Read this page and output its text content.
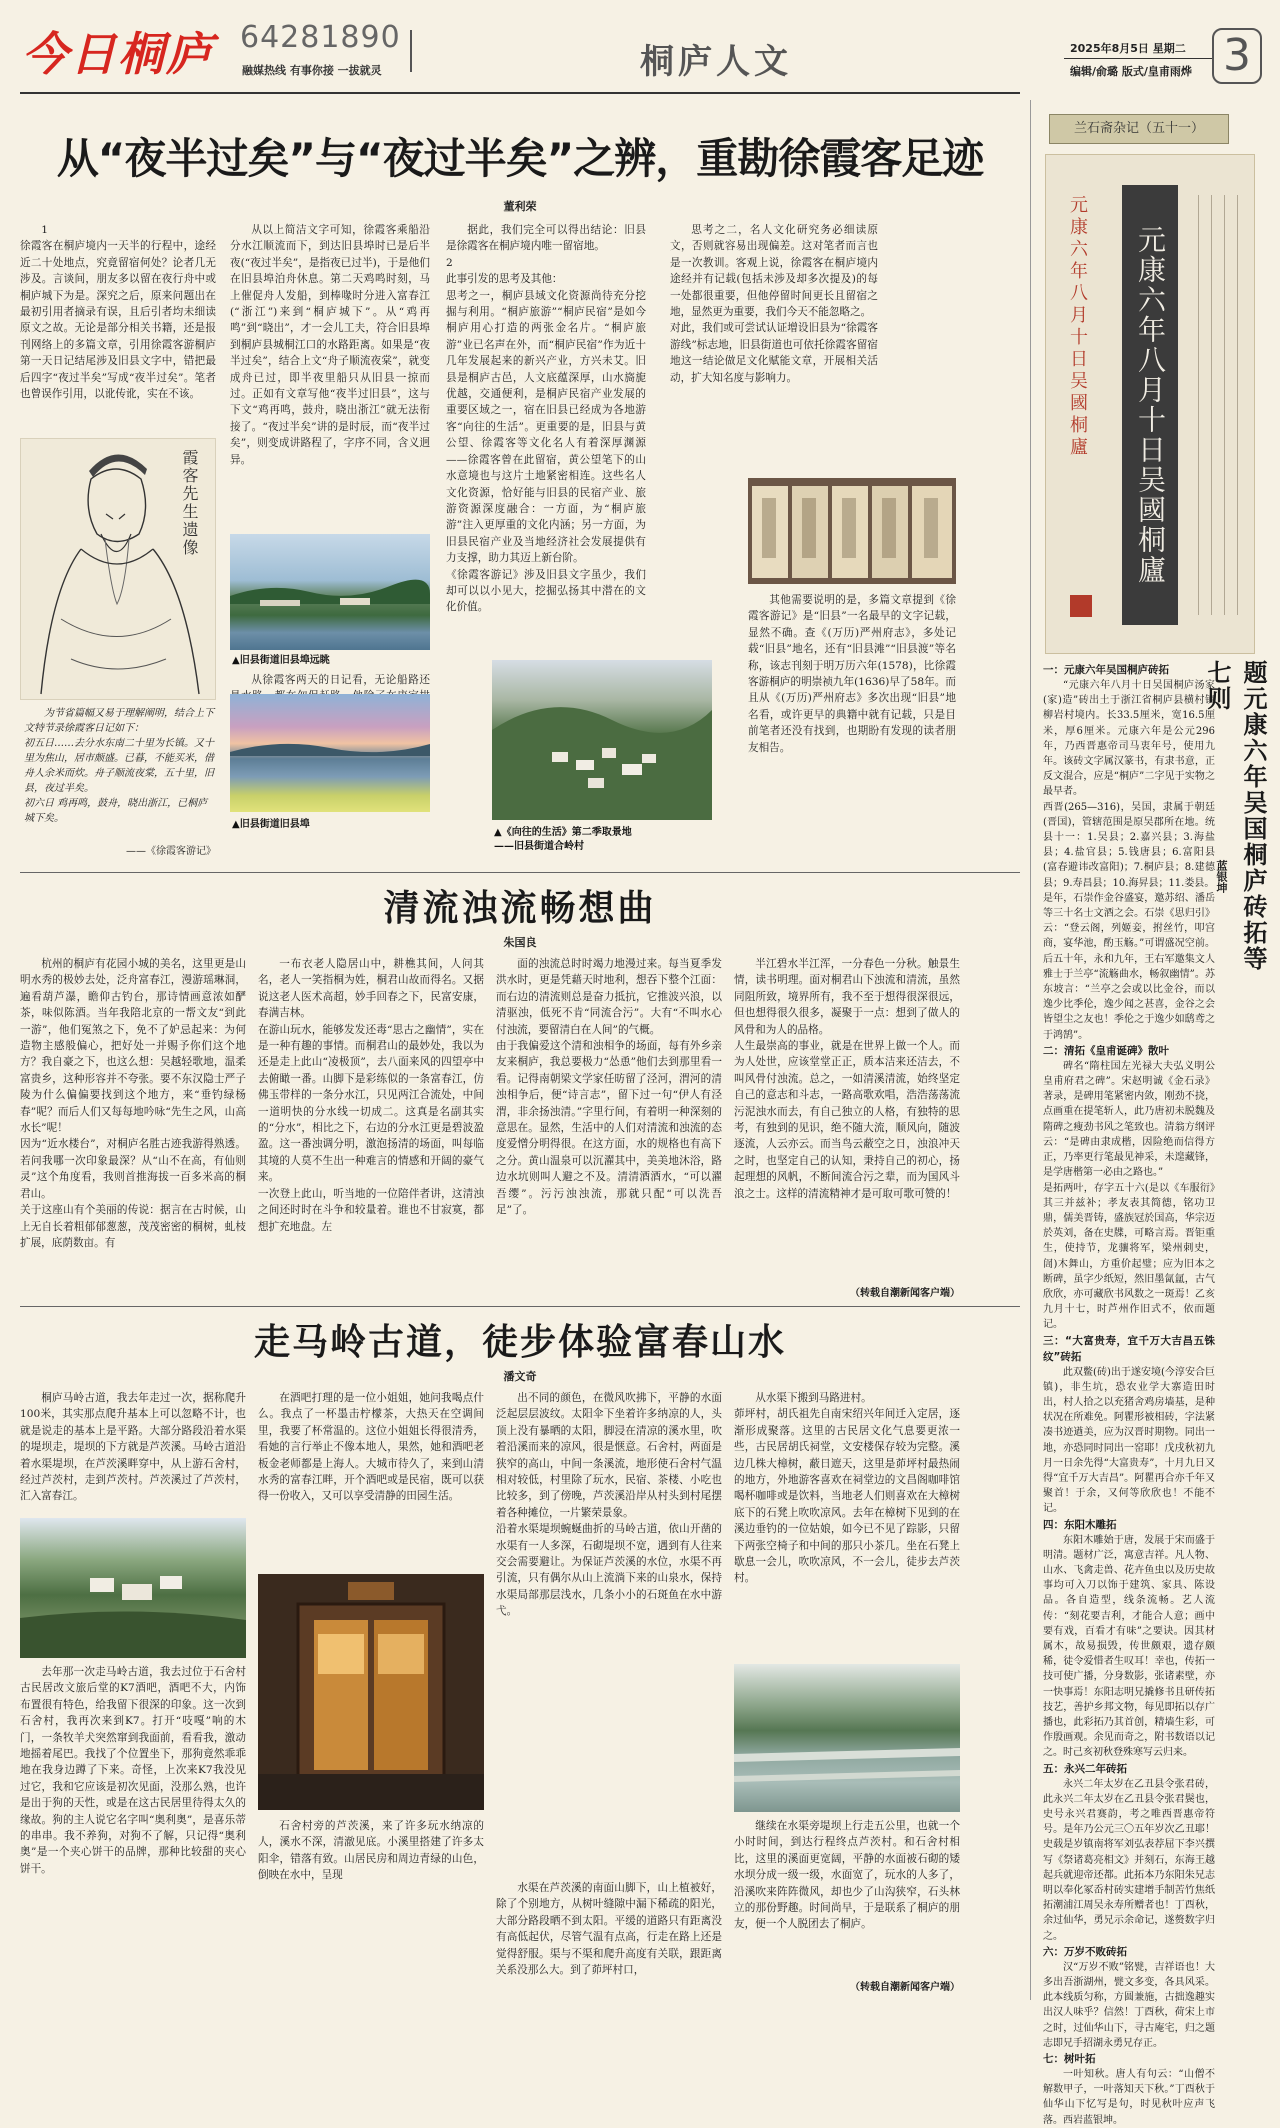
今日桐庐 64281890
融媒热线 有事你接 一拔就灵	桐庐人文	2025年8月5日 星期二
编辑/俞璐 版式/皇甫雨烨 3
从“夜半过矣”与“夜过半矣”之辨，重勘徐霞客足迹
董利荣
1
徐霞客在桐庐境内一天半的行程中，途经近二十处地点，究竟留宿何处？论者几无涉及。言谈间，朋友多以留在夜行舟中或桐庐城下为是。深究之后，原来问题出在最初引用者摘录有误，且后引者均未细读原文之故。无论是部分相关书籍，还是报刊网络上的多篇文章，引用徐霞客游桐庐第一天日记结尾涉及旧县文字中，错把最后四字“夜过半矣”写成“夜半过矣”。笔者也曾误作引用，以讹传讹，实在不该。
霞客先生遗像
为节省篇幅又易于理解阐明，结合上下文特节录徐霞客日记如下：
初五日……去分水东南二十里为长镇。又十里为焦山，居市颇盛。已暮，不能买米，借舟人余米而炊。舟子顺流夜棠，五十里，旧县，夜过半矣。
初六日 鸡再鸣，鼓舟，晓出浙江，已桐庐城下矣。
——《徐霞客游记》
从以上简洁文字可知，徐霞客乘船沿分水江顺流而下，到达旧县埠时已是后半夜(“夜过半矣”，是指夜已过半)，于是他们在旧县埠泊舟休息。第二天鸡鸣时刻，马上催促舟人发船，到棒喙时分进入富春江(“浙江”)来到“桐庐城下”。从“鸡再鸣”到“晓出”，才一会儿工夫，符合旧县埠到桐庐县城桐江口的水路距离。如果是“夜半过矣”，结合上文“舟子顺流夜棠”，就变成舟已过，即半夜里船只从旧县一掠而过。正如有文章写他“夜半过旧县”，这与下文“鸡再鸣，鼓舟，晓出浙江”就无法衔接了。“夜过半矣”讲的是时辰，而“夜半过矣”，则变成讲路程了，字序不同，含义迥异。
▲旧县街道旧县埠远眺
从徐霞客两天的日记看，无论船路还
据此，我们完全可以得出结论：旧县是徐霞客在桐庐境内唯一留宿地。
2
此事引发的思考及其他：
思考之一，桐庐县域文化资源尚待充分挖掘与利用。“桐庐旅游”“桐庐民宿”是如今桐庐用心打造的两张金名片。“桐庐旅游”业已名声在外，而“桐庐民宿”作为近十几年发展起来的新兴产业，方兴未艾。旧县是桐庐古邑，人文底蕴深厚，山水旖旎优越，交通便利，是桐庐民宿产业发展的重要区域之一，宿在旧县已经成为各地游客“向往的生活”。更重要的是，旧县与黄公望、徐霞客等文化名人有着深厚渊源——徐霞客曾在此留宿，黄公望笔下的山水意境也与这片土地紧密相连。这些名人文化资源，恰好能与旧县的民宿产业、旅游资源深度融合：一方面，为“桐庐旅游”注入更厚重的文化内涵；另一方面，为旧县民宿产业及当地经济社会发展提供有力支撑，助力其迈上新台阶。
《徐霞客游记》涉及旧县文字虽少，我们却可以以小见大，挖掘弘扬其中潜在的文化价值。
思考之二，名人文化研究务必细读原文，否则就容易出现偏差。这对笔者而言也是一次教训。客观上说，徐霞客在桐庐境内途经并有记载(包括未涉及却多次提及)的每一处都很重要，但他停留时间更长且留宿之地，显然更为重要，我们今天不能忽略之。
对此，我们或可尝试认证增设旧县为“徐霞客游线”标志地，旧县街道也可依托徐霞客留宿地这一结论做足文化赋能文章，开展相关活动，扩大知名度与影响力。
其他需要说明的是，多篇文章提到《徐霞客游记》是“旧县”一名最早的文字记载，显然不确。查《(万历)严州府志》，多处记载“旧县”地名，还有“旧县滩”“旧县渡”等名称，该志刊刻于明万历六年(1578)，比徐霞客游桐庐的明崇祯九年(1636)早了58年。而且从《(万历)严州府志》多次出现“旧县”地名看，或许更早的典籍中就有记载，只是目前笔者还没有找到，也期盼有发现的读者朋友相告。
▲旧县街道旧县埠
▲《向往的生活》第二季取景地
——旧县街道合岭村
清流浊流畅想曲
朱国良
杭州的桐庐有花园小城的美名，这里更是山明水秀的极妙去处，泛舟富春江，漫游瑶琳洞，遍看葫芦瀑，瞻仰古钓台，那诗情画意浓如酽茶，味似陈酒。当年我陪北京的一帮文友“到此一游”，他们冤煞之下，免不了妒忌起来：为何造物主感般偏心，把好处一并赐予你们这个地方？我自豪之下，也这么想：吴越轻歌地，温柔富贵乡，这种形容并不夸张。要不东汉隐士严子陵为什么偏偏要找到这个地方，来“垂钓绿杨春”呢？而后人们又每每地吟咏“先生之风，山高水长”呢！
因为“近水楼台”，对桐庐名胜古迹我游得熟透。若问我哪一次印象最深？从“山不在高，有仙则灵”这个角度看，我则首推海拔一百多米高的桐君山。
关于这座山有个美丽的传说：据言在古时候，山上无自长着粗郁郁葱葱，茂茂密密的桐树，虬枝扩展，底荫数亩。有
一布衣老人隐居山中，耕樵其间，人问其名，老人一笑指桐为姓，桐君山故而得名。又据说这老人医术高超，妙手回春之下，民富安康，春满吉林。
在游山玩水，能够发发还毒“思古之幽情”，实在是一种有趣的事情。而桐君山的最妙处，我以为还是走上此山“凌极顶”，去八面来风的四望亭中去俯瞰一番。山脚下是彩练似的一条富春江，仿佛玉带样的一条分水江，只见两江合流处，中间一道明快的分水线一切成二。这真是名副其实的“分水”，相比之下，右边的分水江更是碧波盈盈。这一番浊调分明，激泡扬清的场面，叫每临其境的人莫不生出一种难言的情感和开阔的豪气来。
一次登上此山，听当地的一位陪伴者讲，这清浊之间还时时在斗争和较量着。谁也不甘寂寞，都想扩充地盘。左
面的浊流总时时竭力地漫过来。每当夏季发洪水时，更是凭藉天时地利，想吞下整个江面：而右边的清流则总是奋力抵抗，它推波兴浪，以清驱浊，低死不肯“同流合污”。大有“不叫水心付浊流，要留清白在人间”的气概。
由于我偏爱这个清和浊相争的场面，每有外乡亲友来桐庐，我总要极力“怂恿”他们去到那里看一看。记得南朝梁文学家任昉留了泾河，渭河的清浊相争后，便“诗言志”，留下过一句“伊人有泾渭，非余扬浊清。”字里行间，有着明一种深刻的意思在。显然，生活中的人们对清流和浊流的态度爱憎分明得很。在这方面，水的规格也有高下之分。黄山温泉可以沉濯其中，美美地沐浴，路边水坑则叫人避之不及。清清酒酒水，“可以濯吾缨”。污污浊浊流，那就只配“可以洗吾足”了。
半江碧水半江浑，一分春色一分秋。触景生情，读书明理。面对桐君山下浊流和清流，虽然同阻所致，境界所有，我不至于想得很深很远，但也想得很久很多，凝聚于一点：想到了做人的风骨和为人的品格。
人生最崇高的事业，就是在世界上做一个人。而为人处世，应该堂堂正正，质本洁来还洁去，不叫风骨付浊流。总之，一如清溪清流，始终坚定自己的意志和斗志，一路高歌欢唱，浩浩荡荡流污泥浊水而去，有自己独立的人格，有独特的思考，有独到的见识，绝不随大流，顺风向，随波逐流，人云亦云。而当鸟云蔽空之日，浊浪冲天之时，也坚定自己的认知，秉持自己的初心，扬起理想的风帆，不断间流合污之辈，而为国风斗浪之士。这样的清流精神才是可取可歌可赞的！
（转载自潮新闻客户端）
走马岭古道，徒步体验富春山水
潘文奇
桐庐马岭古道，我去年走过一次，据称爬升100米，其实那点爬升基本上可以忽略不计，也就是说走的基本上是平路。大部分路段沿着水渠的堤坝走，堤坝的下方就是芦茨溪。马岭古道沿着水渠堤坝，在芦茨溪畔穿中，从上游石舍村，经过芦茨村，走到芦茨村。芦茨溪过了芦茨村，汇入富春江。
去年那一次走马岭古道，我去过位于石舍村古民居改文旅后堂的K7酒吧，酒吧不大，内饰布置很有特色，给我留下很深的印象。这一次到石舍村，我再次来到K7。打开“吱嘎”响的木门，一条牧羊犬突然窜到我面前，看看我，激动地摇着尾巴。我找了个位置坐下，那狗竟然乖乖地在我身边蹲了下来。奇怪，上次来K7我没见过它，我和它应该是初次见面，没那么熟，也许是出于狗的天性，或是在这古民居里待得太久的缘故。狗的主人说它名字叫“奥利奥”，是喜乐蒂的串串。我不养狗，对狗不了解，只记得“奥利奥”是一个夹心饼干的品牌，那种比较甜的夹心饼干。
在酒吧打理的是一位小姐姐，她问我喝点什么。我点了一杯墨击柠檬茶，大热天在空调间里，我要了杯常温的。这位小姐姐长得很清秀，看她的言行举止不像本地人，果然，她和酒吧老板金老师都是上海人。大城市待久了，来到山清水秀的富春江畔，开个酒吧或是民宿，既可以获得一份收入，又可以享受清静的田园生活。
石舍村旁的芦茨溪，来了许多玩水纳凉的人，溪水不深，清澈见底。小溪里搭建了许多太阳伞，错落有致。山居民房和周边青绿的山色，倒映在水中，呈现
出不同的颜色，在微风吹拂下，平静的水面泛起层层波纹。太阳伞下坐着许多纳凉的人，头顶上没有暴晒的太阳，脚浸在清凉的溪水里，吹着沿溪而来的凉风，很是惬意。石舍村，两面是狭窄的高山，中间一条溪流，地形使石舍村气温相对较低，村里除了玩水，民宿、茶楼、小吃也比较多，到了傍晚，芦茨溪沿岸从村头到村尾摆着各种摊位，一片繁荣景象。
沿着水渠堤坝蜿蜒曲折的马岭古道，依山开凿的水渠有一人多深，石砌堤坝不宽，遇到有人往来交会需要避让。为保证芦茨溪的水位，水渠不再引流，只有偶尔从山上流淌下来的山泉水，保持水渠局部那层浅水，几条小小的石斑鱼在水中游弋。
水渠在芦茨溪的南面山脚下，山上植被好，除了个别地方，从树叶缝隙中漏下稀疏的阳光，大部分路段晒不到太阳。平缓的道路只有距离没有高低起伏，尽管气温有点高，行走在路上还是觉得舒服。渠与不渠和爬升高度有关联，跟距离关系没那么大。到了茆坪村口，
从水渠下搬到马路进村。
茆坪村，胡氏祖先自南宋绍兴年间迁入定居，逐渐形成聚落。这里的古民居文化气息要更浓一些，古民居胡氏祠堂，文安楼保存较为完整。溪边几株大樟树，蔽日遮天，这里是茆坪村最热闹的地方，外地游客喜欢在祠堂边的文昌阁咖啡馆喝杯咖啡或是饮料，当地老人们则喜欢在大樟树底下的石凳上吹吹凉风。去年在樟树下见到的在溪边垂钓的一位姑娘，如今已不见了踪影，只留下两张空椅子和中间的那只小茶几。坐在石凳上歇息一会儿，吹吹凉风，不一会儿，徒步去芦茨村。
继续在水渠旁堤坝上行走五公里，也就一个小时时间，到达行程终点芦茨村。和石舍村相比，这里的溪面更宽阔，平静的水面被石砌的矮水坝分成一级一级，水面宽了，玩水的人多了，沿溪吹来阵阵微风，却也少了山沟狭窄，石头林立的那份野趣。时间尚早，于是联系了桐庐的朋友，便一个人脱团去了桐庐。
（转载自潮新闻客户端）
兰石斋杂记（五十一）
元康六年八月十日吴國桐廬
元康六年八月十日吴國桐廬
题元康六年吴国桐庐砖拓等七则
蓝银坤
一：元康六年吴国桐庐砖拓
“元康六年八月十日吴国桐庐汤家(家)造”砖出土于浙江省桐庐县横村镇柳岩村境内。长33.5厘米，宽16.5厘米，厚6厘米。元康六年是公元296年，乃西晋惠帝司马衷年号，使用九年。该砖文字属汉篆书，有隶书意，正反文混合，应是“桐庐”二字见于实物之最早者。
西晋(265—316)，吴国，隶属于朝廷(晋国)，管辖范围是原吴郡所在地。统县十一：1.吴县；2.嘉兴县；3.海盐县；4.盐官县；5.钱唐县；6.富阳县(富春避讳改富阳)；7.桐庐县；8.建德县；9.寿昌县；10.海昇县；11.娄县。
是年，石崇作金谷盛宴，邀苏绍、潘岳等三十名士文酒之会。石崇《思归引》云：“登云阁，列姬妾，拊丝竹，叩宫商，宴华池，酌玉觞。”可谓盛况空前。后五十年，永和九年，王右军邀集文人雅士于兰亭“流觞曲水，畅叙幽情”。苏东坡言：“兰亭之会或以比金谷，而以逸少比季伦，逸少闻之甚喜，金谷之会皆望尘之友也！季伦之于逸少如鸱鸢之于鸿鹄”。
二：清拓《皇甫诞碑》散叶
碑名“隋柱国左光禄大夫弘义明公皇甫府君之碑”。宋赵明诚《金石录》著录，是碑用笔紧密内敛，刚劲不挠，点画重在提笔斩人，此乃唐初未脱魏及隋碑之瘦劲书风之笔致也。清翁方纲评云：“是碑由隶成楷，因险绝而信得方正，乃率更行笔最见神采，未遑藏锋，是学唐楷第一必由之路也。”
是拓两叶，存字五十六(是以《车服衍》其三并兹补；孝友表其简德，铭功卫鼎，儒美晋铸，盛族冠於国高，华宗迈於英刘，备在史牒，可略言焉。晋钜重生，使持节，龙骧将军，梁州刺史，訚)木舞山，方重价起璧；应为旧本之断碑，虽字少纸短，然旧墨氤氲，古气欣欣，亦可藏欣书风数之一斑焉！乙亥九月十七，时芦州作旧式不，依而题记。
三：“大富贵寿，宜千万大吉昌五铢纹”砖拓
此双鳖(砖)出于遂安境(今淳安合巨镇)，非生坑，恐农业学大寨造田时出，村人拾之以充猪舍鸡房墙基，是种状况在所难免。阿瞿形被相砖，字法紧凑书迹遒美，应为汉晋时期物。同出一地，亦恐同时同出一窑耶！戊戌秋初九月一日余先得“大富贵寿”，十月九日又得“宜千万大吉昌”。阿瞿再合亦千年又聚首！于余，又何等欣欣也！不能不记。
四：东阳木雕拓
东阳木雕始于唐，发展于宋而盛于明清。题材广泛，寓意吉祥。凡人物、山水、飞禽走兽、花卉鱼虫以及历史故事均可入刀以饰于建筑、家具、陈设品。各自造型，线条流畅。艺人流传：“刻花要吉利，才能合人意；画中要有戏，百看才有味”之要诀。因其材属木，故易损毁，传世颇艰，遗存颇稀，徒令爱惜者生叹耳！幸也，传拓一技可使广播，分身数影，张诸素壁，亦一快事焉！东阳志明兄撬修书且研传拓技艺，善护乡邦文物，每见即拓以存广播也，此彩拓乃其首创，精墙生彩，可作殷画观。余见而奇之，附书数语以记之。时己亥初秋登殊寒写云归来。
五：永兴二年砖拓
永兴二年太岁在乙丑县令张君砖，此永兴二年太岁在乙丑县令张君鬓也，史号永兴君赛韵，考之唯西晋惠帝符号。是年乃公元三〇五年岁次乙丑耶！史载是岁镇南将军刘弘表荐屈下李兴撰写《祭诸葛亮相文》并刻石，东海王越起兵就迎帝还都。此拓本乃东阳朱兄志明以奉化冢岙村砖实建增手制苦竹焦纸拓潮浦江周吴永寿所赠者也！丁酉秋，余过仙华，勇兄示余命记，遂赘数字归之。
六：万岁不败砖拓
汉“万岁不败”铭甓，吉祥语也！大多出吾浙湖州，甓文多变，各具风采。此本线质匀称，方圆兼施，古拙逸趣实出汉人味乎？信然！丁酉秋，荷宋上市之时，过仙华山下，寻古庵宅，归之题志即兄手招湖永勇兄存正。
七：树叶拓
一叶知秋。唐人有句云：“山僧不解数甲子，一叶落知天下秋。”丁酉秋于仙华山下忆写是句，时见秋叶应声飞落。西岩蓝银坤。
